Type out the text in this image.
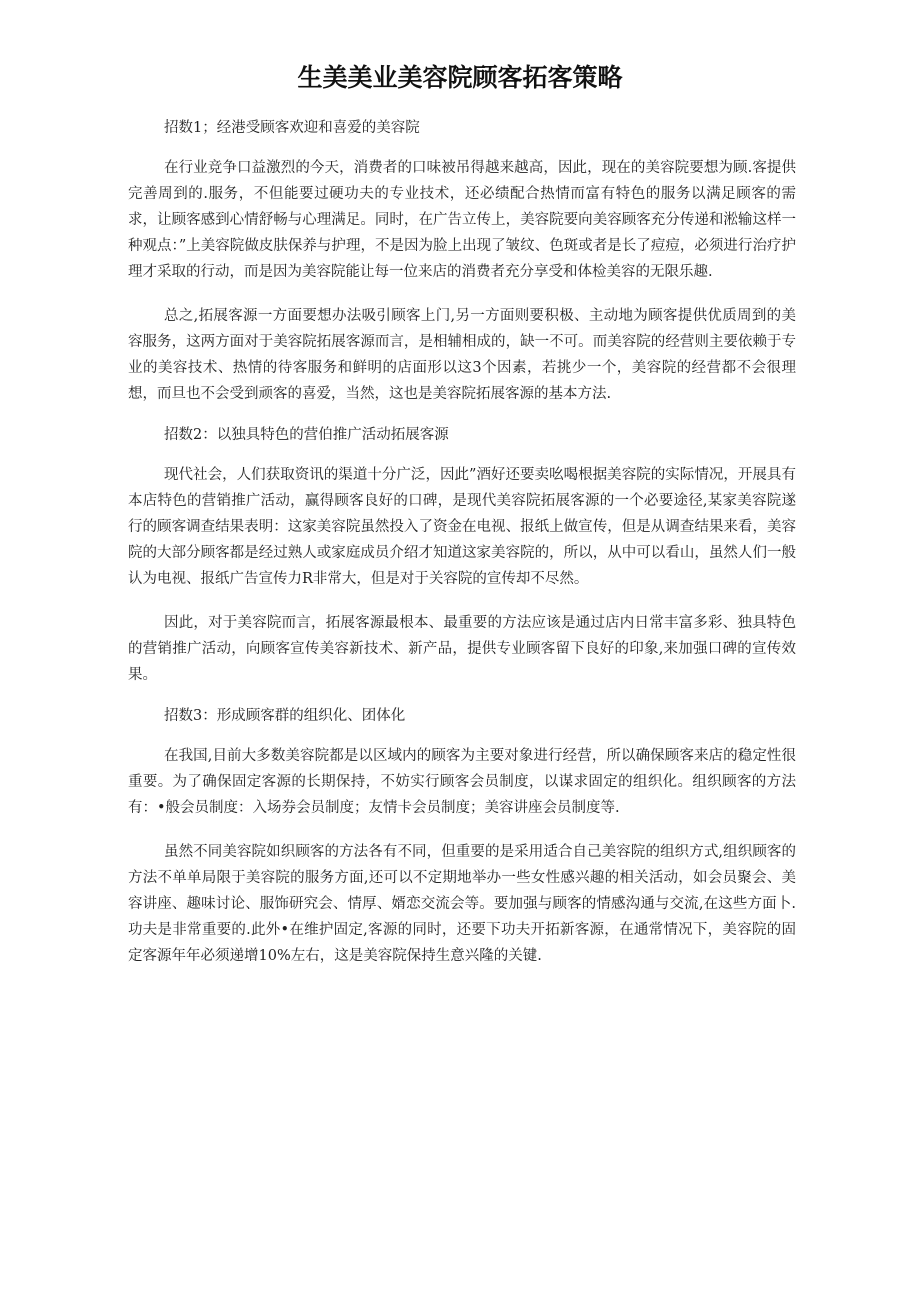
生美美业美容院顾客拓客策略
招数1；经港受顾客欢迎和喜爱的美容院
在行业竞争口益激烈的今天，消费者的口味被吊得越来越高，因此，现在的美容院要想为顾.客提供完善周到的.服务，不但能要过硬功夫的专业技术，还必绩配合热情而富有特色的服务以满足顾客的需求，让顾客感到心情舒畅与心理满足。同时，在广告立传上，美容院要向美容顾客充分传递和淞输这样一种观点：”上美容院做皮肤保养与护理，不是因为脸上出现了皱纹、色斑或者是长了痘痘，必须进行治疗护理才采取的行动，而是因为美容院能让每一位来店的消费者充分享受和体检美容的无限乐趣.
总之,拓展客源一方面要想办法吸引顾客上门,另一方面则要积极、主动地为顾客提供优质周到的美容服务，这两方面对于美容院拓展客源而言，是相辅相成的，缺一不可。而美容院的经营则主要依赖于专业的美容技术、热情的待客服务和鲜明的店面形以这3个因素，若挑少一个，美容院的经营都不会很理想，而旦也不会受到顽客的喜爱，当然，这也是美容院拓展客源的基本方法.
招数2：以独具特色的营伯推广活动拓展客源
现代社会，人们获取资讯的渠道十分广泛，因此”酒好还要卖吆喝根据美容院的实际情况，开展具有本店特色的营销推广活动，赢得顾客良好的口碑，是现代美容院拓展客源的一个必要途径,某家美容院遂行的顾客调查结果表明：这家美容院虽然投入了资金在电视、报纸上做宣传，但是从调查结果来看，美容院的大部分顾客都是经过熟人或家庭成员介绍才知道这家美容院的，所以，从中可以看山，虽然人们一般认为电视、报纸广告宣传力R非常大，但是对于关容院的宣传却不尽然。
因此，对于美容院而言，拓展客源最根本、最重要的方法应该是通过店内日常丰富多彩、独具特色的营销推广活动，向顾客宣传美容新技术、新产品，提供专业顾客留下良好的印象,来加强口碑的宣传效果。
招数3：形成顾客群的组织化、团体化
在我国,目前大多数美容院都是以区域内的顾客为主要对象进行经营，所以确保顾客来店的稳定性很重要。为了确保固定客源的长期保持，不妨实行顾客会员制度，以谋求固定的组织化。组织顾客的方法有：•般会员制度：入场券会员制度；友情卡会员制度；美容讲座会员制度等.
虽然不同美容院如织顾客的方法各有不同，但重要的是采用适合自己美容院的组织方式,组织顾客的方法不单单局限于美容院的服务方面,还可以不定期地举办一些女性感兴趣的相关活动，如会员聚会、美容讲座、趣味讨论、服饰研究会、情厚、婿恋交流会等。要加强与顾客的情感沟通与交流,在这些方面卜.功夫是非常重要的.此外•在维护固定,客源的同时，还要下功夫开拓新客源，在通常情况下，美容院的固定客源年年必须递增10%左右，这是美容院保持生意兴隆的关键.
